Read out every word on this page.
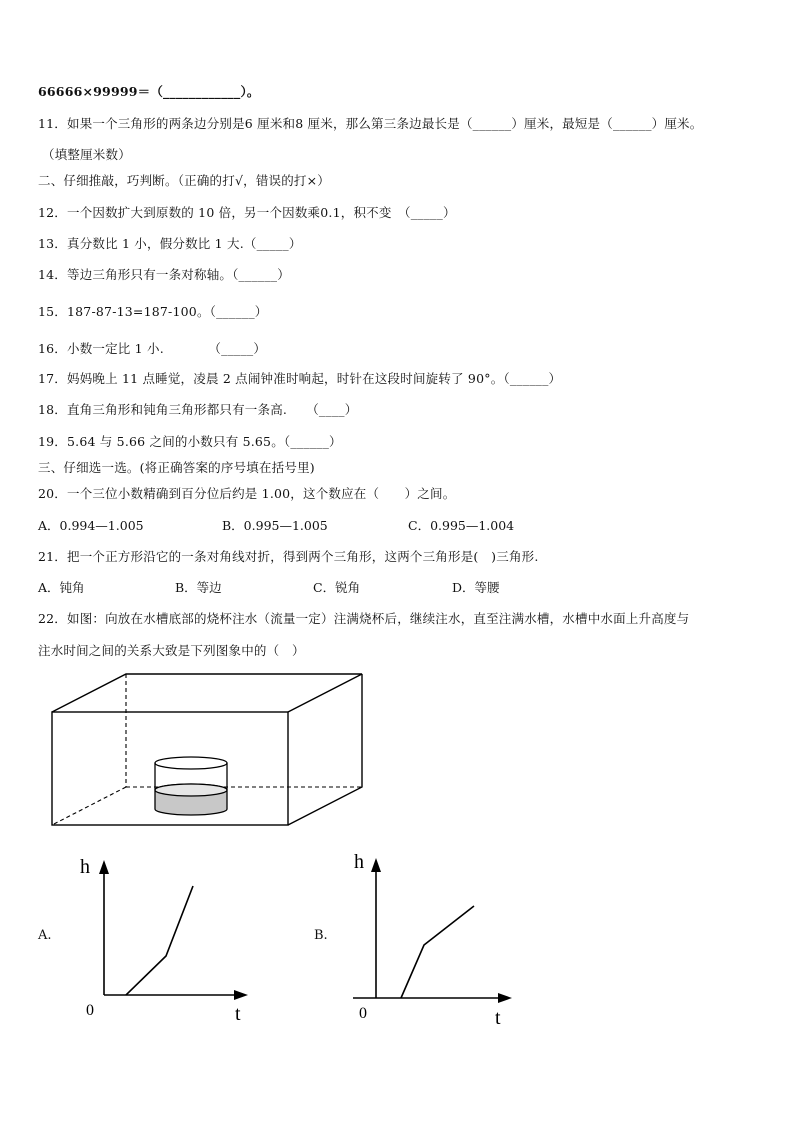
66666×99999＝（____________）。
11．如果一个三角形的两条边分别是6 厘米和8 厘米，那么第三条边最长是（______）厘米，最短是（______）厘米。
（填整厘米数）
二、仔细推敲，巧判断。（正确的打√，错误的打×）
12．一个因数扩大到原数的 10 倍，另一个因数乘0.1，积不变　（_____）
13．真分数比 1 小，假分数比 1 大.（_____）
14．等边三角形只有一条对称轴。（______）
15．187-87-13=187-100。（______）
16．小数一定比 1 小.　　　　（_____）
17．妈妈晚上 11 点睡觉，凌晨 2 点闹钟准时响起，时针在这段时间旋转了 90°。（______）
18．直角三角形和钝角三角形都只有一条高.　　（____）
19．5.64 与 5.66 之间的小数只有 5.65。（______）
三、仔细选一选。(将正确答案的序号填在括号里)
20．一个三位小数精确到百分位后约是 1.00，这个数应在（　　）之间。
A．0.994—1.005	B．0.995—1.005	C．0.995—1.004
21．把一个正方形沿它的一条对角线对折，得到两个三角形，这两个三角形是(　)三角形.
A．钝角	B．等边	C．锐角	D．等腰
22．如图：向放在水槽底部的烧杯注水（流量一定）注满烧杯后，继续注水，直至注满水槽，水槽中水面上升高度与
注水时间之间的关系大致是下列图象中的（　）
A.
h
0	t
B.
h
0	t
